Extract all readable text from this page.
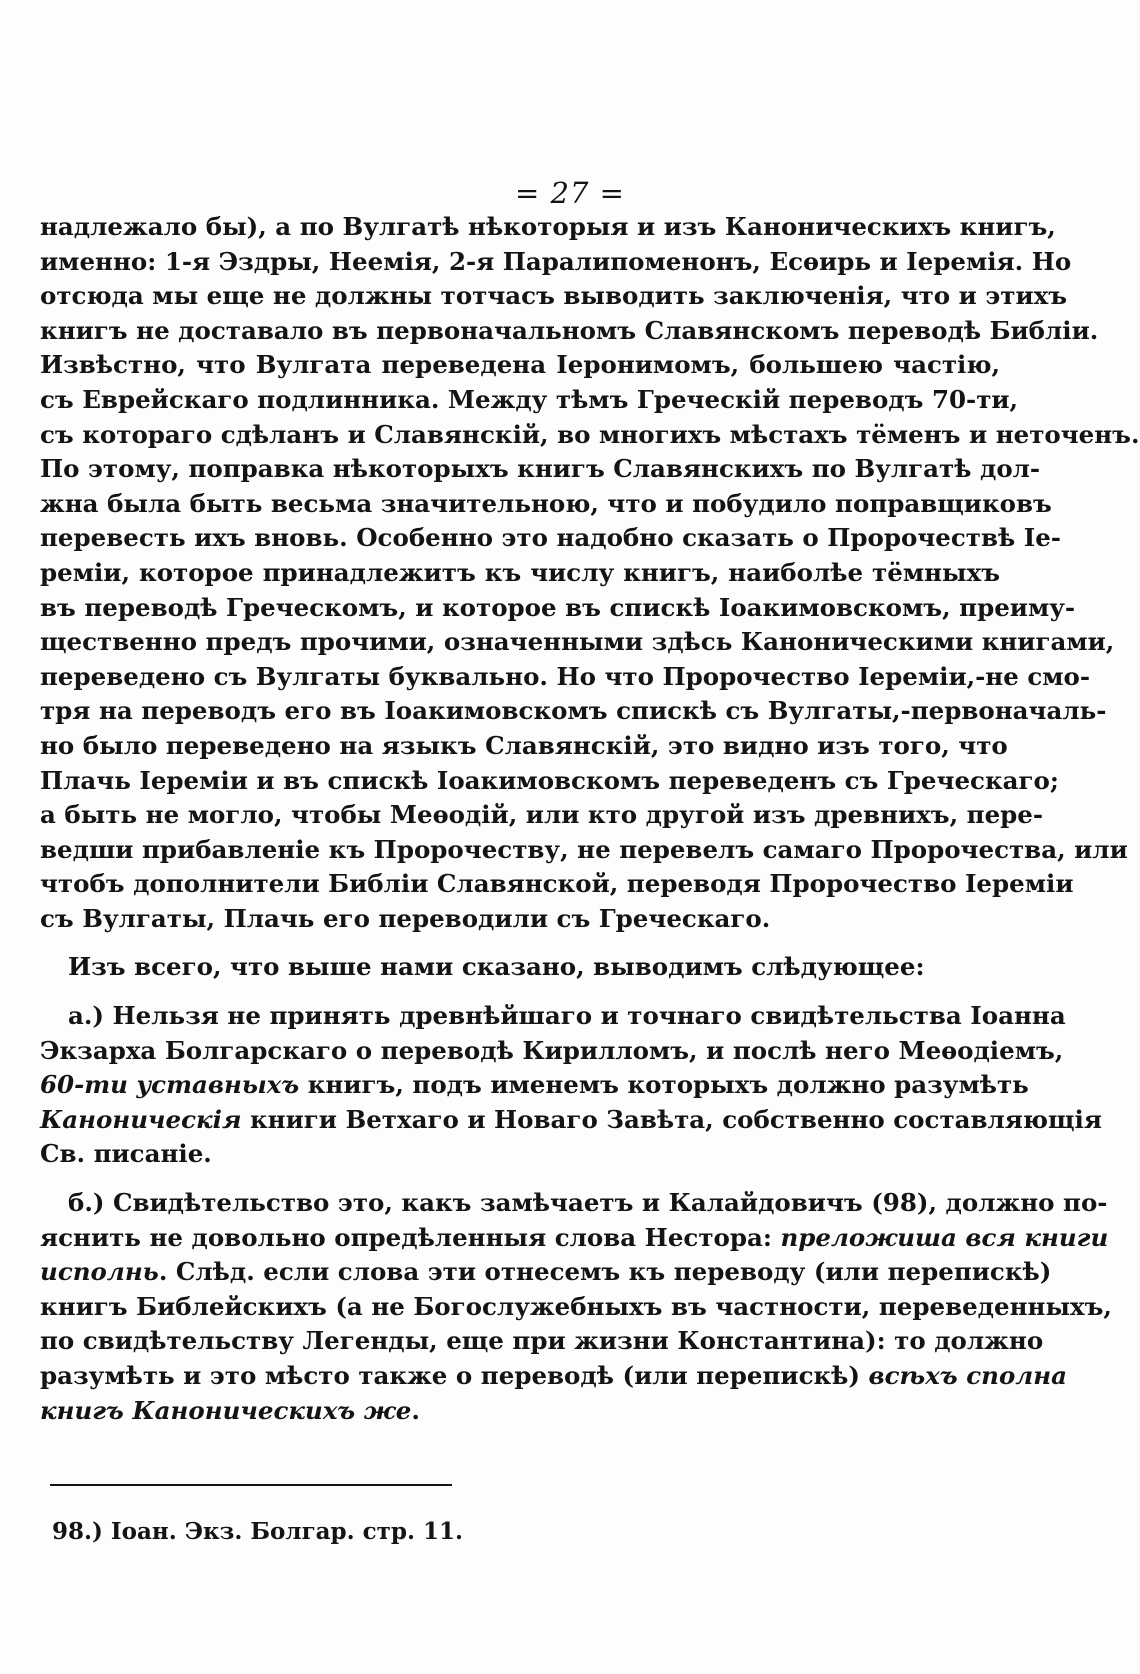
= 27 =
надлежало бы), а по Вулгатѣ нѣкоторыя и изъ Каноническихъ книгъ,
именно: 1-я Эздры, Неемія, 2-я Паралипоменонъ, Есѳирь и Іеремія. Но
отсюда мы еще не должны тотчасъ выводить заключенія, что и этихъ
книгъ не доставало въ первоначальномъ Славянскомъ переводѣ Библіи.
Извѣстно, что Вулгата переведена Іеронимомъ, большею частію,
съ Еврейскаго подлинника. Между тѣмъ Греческій переводъ 70-ти,
съ котораго сдѣланъ и Славянскій, во многихъ мѣстахъ тёменъ и неточенъ.
По этому, поправка нѣкоторыхъ книгъ Славянскихъ по Вулгатѣ дол-
жна была быть весьма значительною, что и побудило поправщиковъ
перевесть ихъ вновь. Особенно это надобно сказать о Пророчествѣ Іе-
реміи, которое принадлежитъ къ числу книгъ, наиболѣе тёмныхъ
въ переводѣ Греческомъ, и которое въ спискѣ Іоакимовскомъ, преиму-
щественно предъ прочими, означенными здѣсь Каноническими книгами,
переведено съ Вулгаты буквально. Но что Пророчество Іереміи,-не смо-
тря на переводъ его въ Іоакимовскомъ спискѣ съ Вулгаты,-первоначаль-
но было переведено на языкъ Славянскій, это видно изъ того, что
Плачь Іереміи и въ спискѣ Іоакимовскомъ переведенъ съ Греческаго;
а быть не могло, чтобы Меѳодій, или кто другой изъ древнихъ, пере-
ведши прибавленіе къ Пророчеству, не перевелъ самаго Пророчества, или
чтобъ дополнители Библіи Славянской, переводя Пророчество Іереміи
съ Вулгаты, Плачь его переводили съ Греческаго.
Изъ всего, что выше нами сказано, выводимъ слѣдующее:
а.) Нельзя не принять древнѣйшаго и точнаго свидѣтельства Іоанна
Экзарха Болгарскаго о переводѣ Кирилломъ, и послѣ него Меѳодіемъ,
60-ти уставныхъ книгъ, подъ именемъ которыхъ должно разумѣть
Каноническія книги Ветхаго и Новаго Завѣта, собственно составляющія
Св. писаніе.
б.) Свидѣтельство это, какъ замѣчаетъ и Калайдовичъ (98), должно по-
яснить не довольно опредѣленныя слова Нестора: преложиша вся книги
исполнь. Слѣд. если слова эти отнесемъ къ переводу (или перепискѣ)
книгъ Библейскихъ (а не Богослужебныхъ въ частности, переведенныхъ,
по свидѣтельству Легенды, еще при жизни Константина): то должно
разумѣть и это мѣсто также о переводѣ (или перепискѣ) всѣхъ сполна
книгъ Каноническихъ же.
98.) Іоан. Экз. Болгар. стр. 11.
